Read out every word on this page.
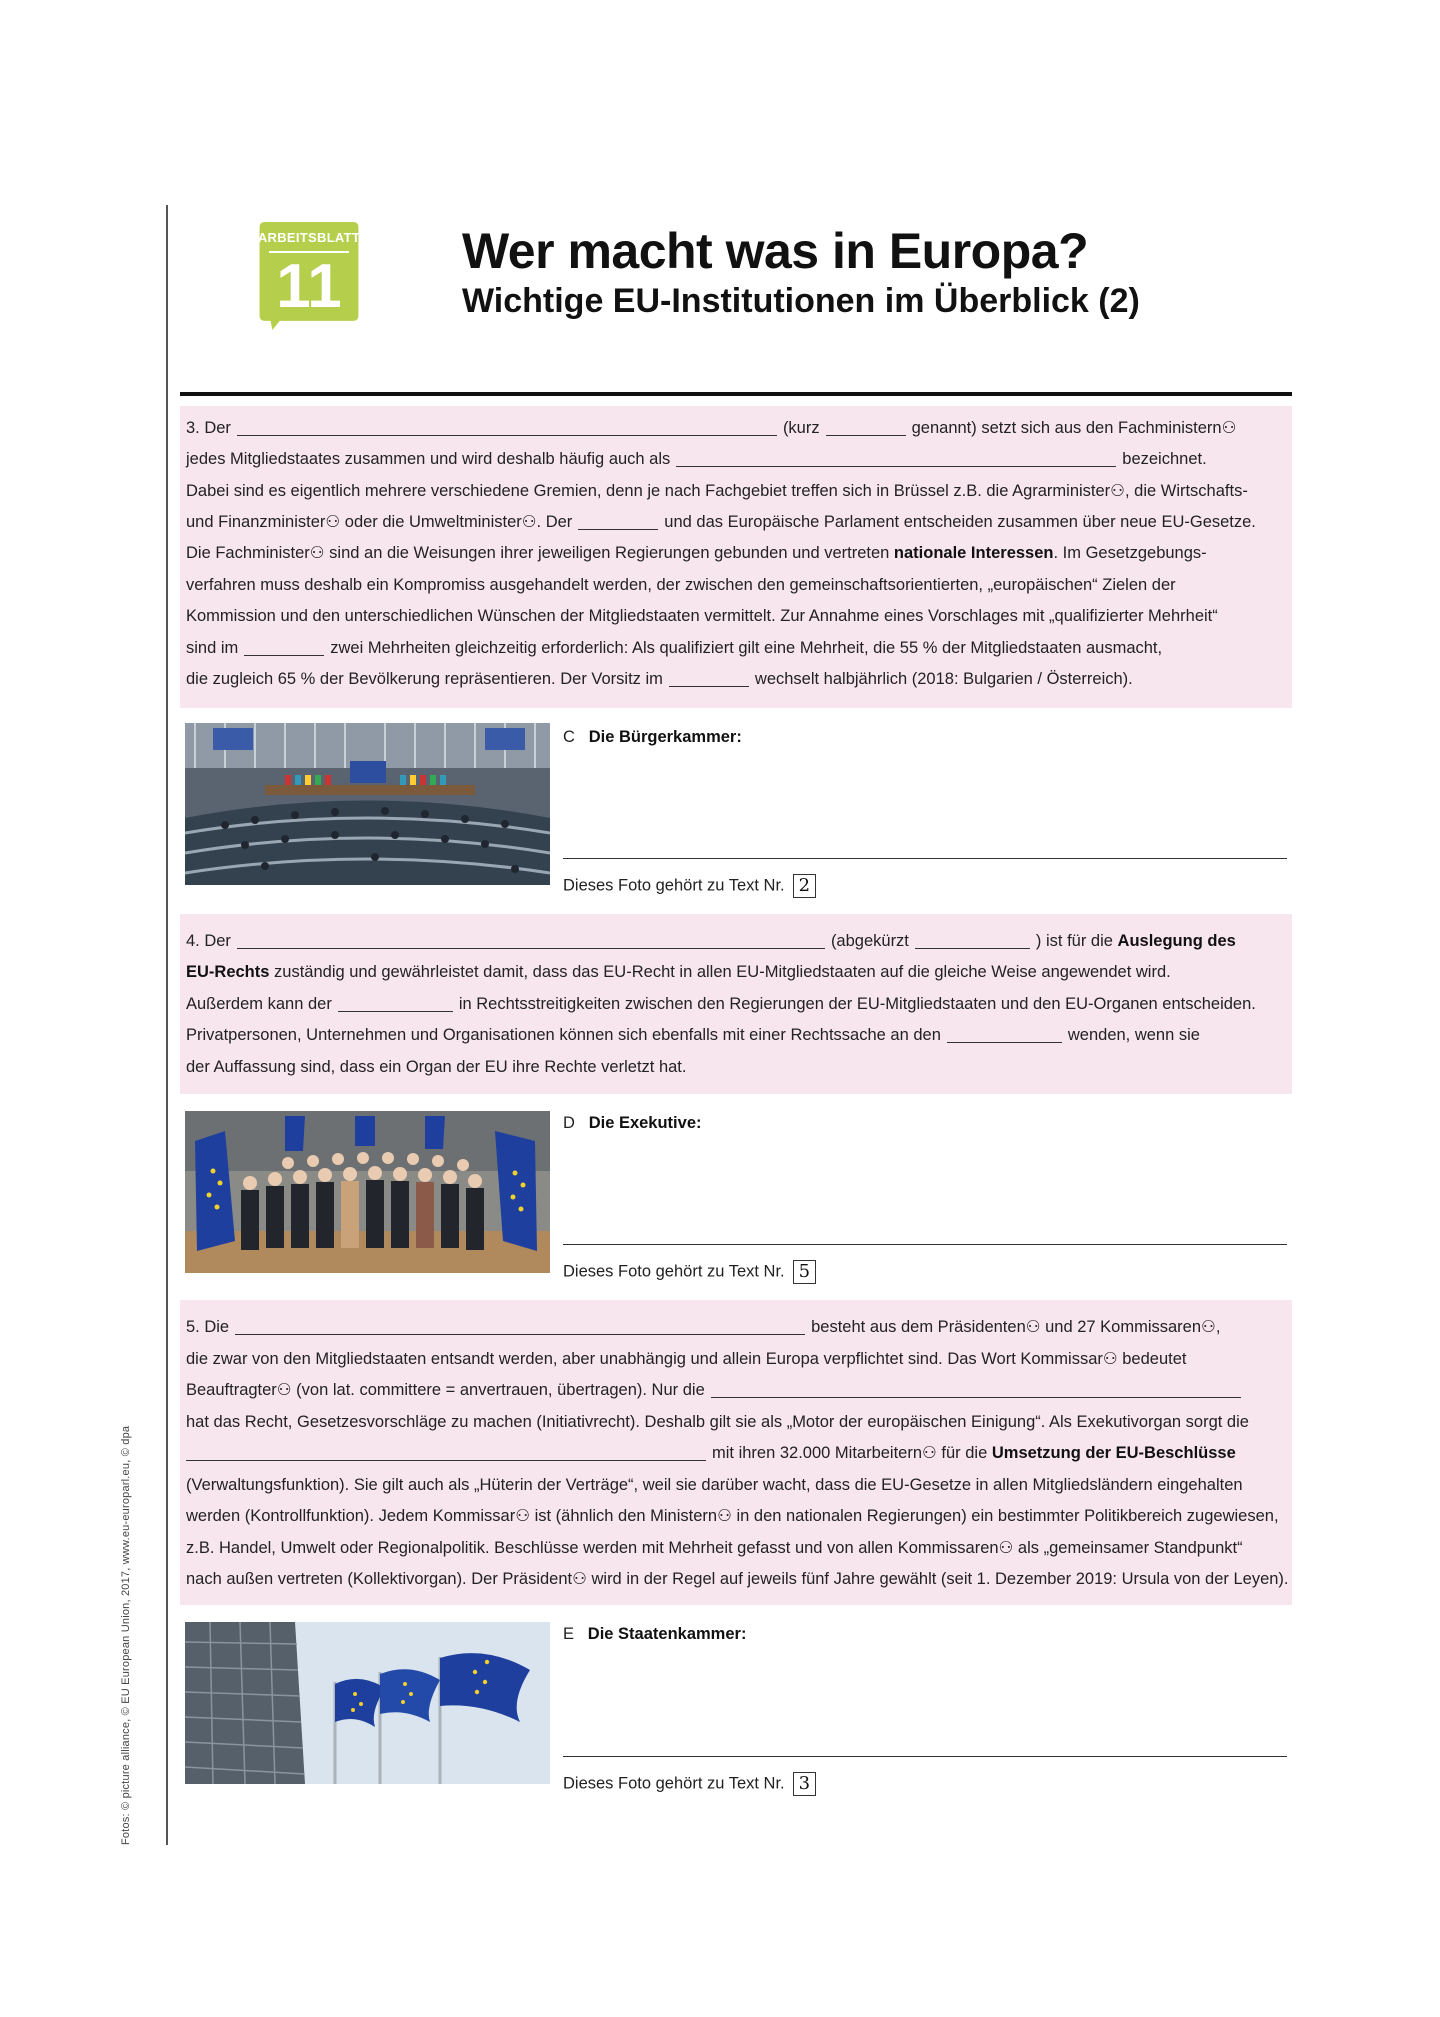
Fotos: © picture alliance, © EU European Union, 2017, www.eu-europarl.eu, © dpa
ARBEITSBLATT
11
Wer macht was in Europa?
Wichtige EU-Institutionen im Überblick (2)
3. Der	(kurz	genannt) setzt sich aus den Fachministern⚇
jedes Mitgliedstaates zusammen und wird deshalb häufig auch als	bezeichnet.
Dabei sind es eigentlich mehrere verschiedene Gremien, denn je nach Fachgebiet treffen sich in Brüssel z.B. die Agrarminister⚇, die Wirtschafts-
und Finanzminister⚇ oder die Umweltminister⚇. Der	und das Europäische Parlament entscheiden zusammen über neue EU-Gesetze.
Die Fachminister⚇ sind an die Weisungen ihrer jeweiligen Regierungen gebunden und vertreten nationale Interessen. Im Gesetzgebungs-
verfahren muss deshalb ein Kompromiss ausgehandelt werden, der zwischen den gemeinschaftsorientierten, „europäischen“ Zielen der
Kommission und den unterschiedlichen Wünschen der Mitgliedstaaten vermittelt. Zur Annahme eines Vorschlages mit „qualifizierter Mehrheit“
sind im	zwei Mehrheiten gleichzeitig erforderlich: Als qualifiziert gilt eine Mehrheit, die 55 % der Mitgliedstaaten ausmacht,
die zugleich 65 % der Bevölkerung repräsentieren. Der Vorsitz im	wechselt halbjährlich (2018: Bulgarien / Österreich).
C Die Bürgerkammer:
Dieses Foto gehört zu Text Nr. 2
4. Der	(abgekürzt	) ist für die Auslegung des
EU-Rechts zuständig und gewährleistet damit, dass das EU-Recht in allen EU-Mitgliedstaaten auf die gleiche Weise angewendet wird.
Außerdem kann der	in Rechtsstreitigkeiten zwischen den Regierungen der EU-Mitgliedstaaten und den EU-Organen entscheiden.
Privatpersonen, Unternehmen und Organisationen können sich ebenfalls mit einer Rechtssache an den	wenden, wenn sie
der Auffassung sind, dass ein Organ der EU ihre Rechte verletzt hat.
D Die Exekutive:
Dieses Foto gehört zu Text Nr. 5
5. Die	besteht aus dem Präsidenten⚇ und 27 Kommissaren⚇,
die zwar von den Mitgliedstaaten entsandt werden, aber unabhängig und allein Europa verpflichtet sind. Das Wort Kommissar⚇ bedeutet
Beauftragter⚇ (von lat. committere = anvertrauen, übertragen). Nur die
hat das Recht, Gesetzesvorschläge zu machen (Initiativrecht). Deshalb gilt sie als „Motor der europäischen Einigung“. Als Exekutivorgan sorgt die
mit ihren 32.000 Mitarbeitern⚇ für die Umsetzung der EU-Beschlüsse
(Verwaltungsfunktion). Sie gilt auch als „Hüterin der Verträge“, weil sie darüber wacht, dass die EU-Gesetze in allen Mitgliedsländern eingehalten
werden (Kontrollfunktion). Jedem Kommissar⚇ ist (ähnlich den Ministern⚇ in den nationalen Regierungen) ein bestimmter Politikbereich zugewiesen,
z.B. Handel, Umwelt oder Regionalpolitik. Beschlüsse werden mit Mehrheit gefasst und von allen Kommissaren⚇ als „gemeinsamer Standpunkt“
nach außen vertreten (Kollektivorgan). Der Präsident⚇ wird in der Regel auf jeweils fünf Jahre gewählt (seit 1. Dezember 2019: Ursula von der Leyen).
E Die Staatenkammer:
Dieses Foto gehört zu Text Nr. 3
